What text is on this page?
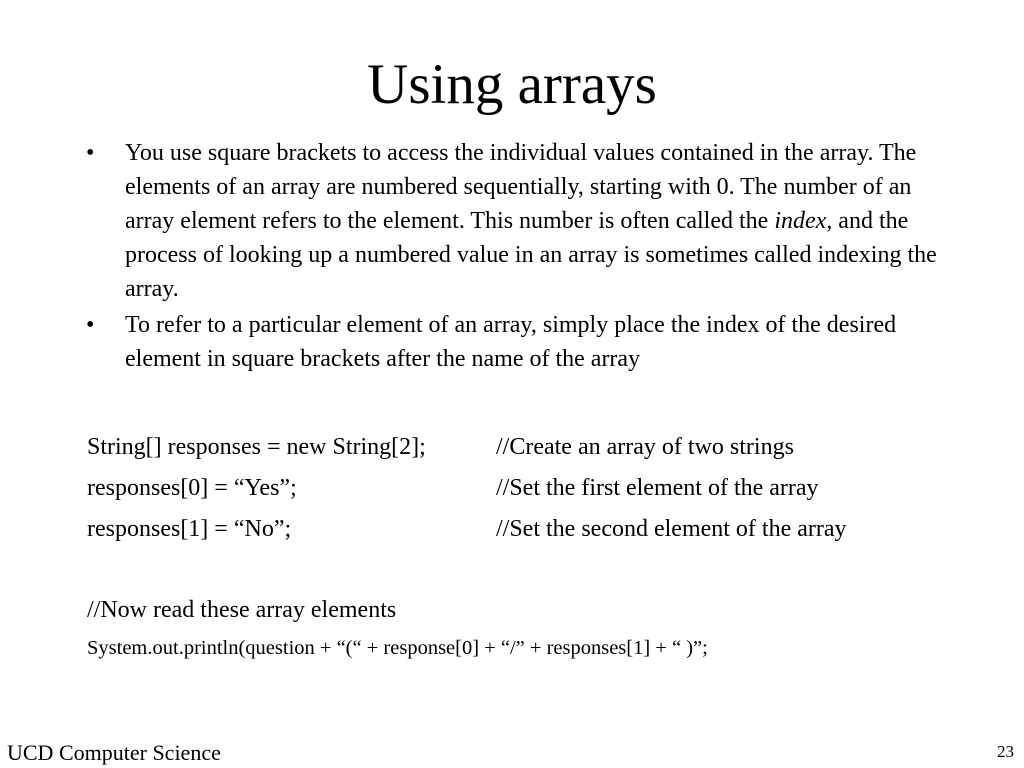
Using arrays
• You use square brackets to access the individual values contained in the array. The elements of an array are numbered sequentially, starting with 0. The number of an array element refers to the element. This number is often called the index, and the process of looking up a numbered value in an array is sometimes called indexing the array.
• To refer to a particular element of an array, simply place the index of the desired element in square brackets after the name of the array
String[] responses = new String[2];	//Create an array of two strings
responses[0] = “Yes”;	//Set the first element of the array
responses[1] = “No”;	//Set the second element of the array
//Now read these array elements
System.out.println(question + “(“ + response[0] + “/” + responses[1] + “ )”;
UCD Computer Science	23
